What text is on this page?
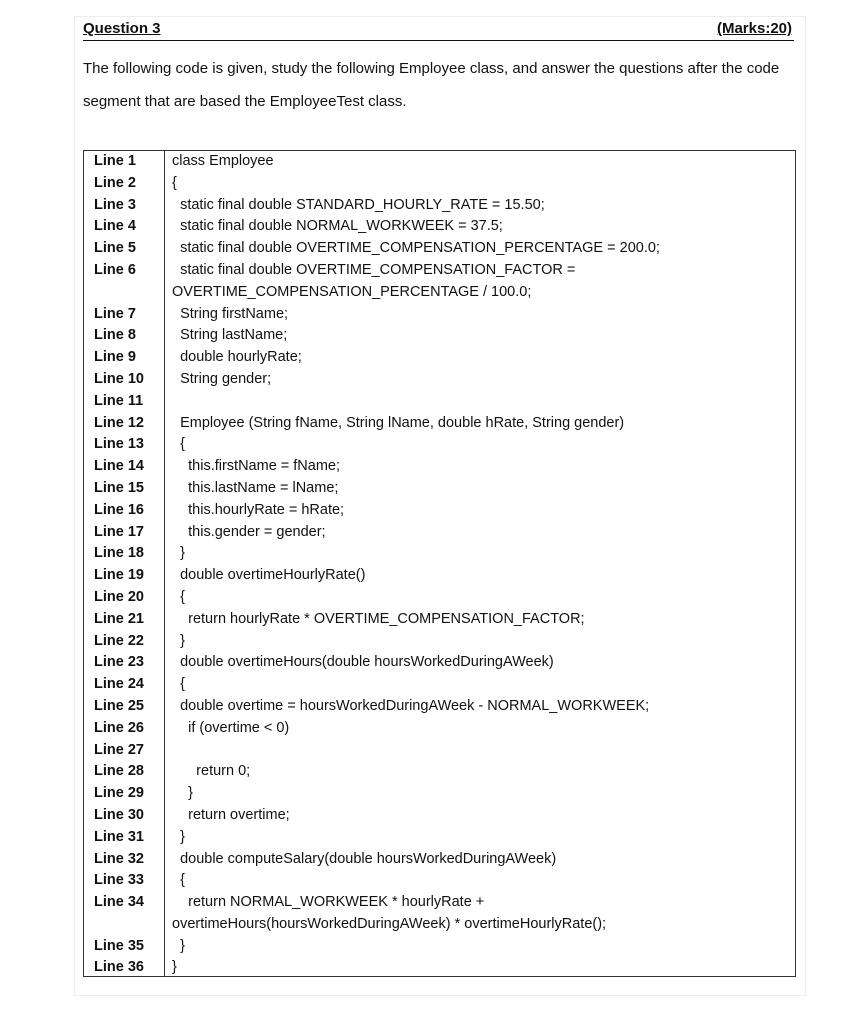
Question 3	(Marks:20)
The following code is given, study the following Employee class, and answer the questions after the code segment that are based the EmployeeTest class.
Line 1	class Employee
Line 2	{
Line 3	static final double STANDARD_HOURLY_RATE = 15.50;
Line 4	static final double NORMAL_WORKWEEK = 37.5;
Line 5	static final double OVERTIME_COMPENSATION_PERCENTAGE = 200.0;
Line 6	static final double OVERTIME_COMPENSATION_FACTOR =
OVERTIME_COMPENSATION_PERCENTAGE / 100.0;
Line 7	String firstName;
Line 8	String lastName;
Line 9	double hourlyRate;
Line 10	String gender;
Line 11
Line 12	Employee (String fName, String lName, double hRate, String gender)
Line 13	{
Line 14	this.firstName = fName;
Line 15	this.lastName = lName;
Line 16	this.hourlyRate = hRate;
Line 17	this.gender = gender;
Line 18	}
Line 19	double overtimeHourlyRate()
Line 20	{
Line 21	return hourlyRate * OVERTIME_COMPENSATION_FACTOR;
Line 22	}
Line 23	double overtimeHours(double hoursWorkedDuringAWeek)
Line 24	{
Line 25	double overtime = hoursWorkedDuringAWeek - NORMAL_WORKWEEK;
Line 26	if (overtime < 0)
Line 27
Line 28	return 0;
Line 29	}
Line 30	return overtime;
Line 31	}
Line 32	double computeSalary(double hoursWorkedDuringAWeek)
Line 33	{
Line 34	return NORMAL_WORKWEEK * hourlyRate +
overtimeHours(hoursWorkedDuringAWeek) * overtimeHourlyRate();
Line 35	}
Line 36	}
